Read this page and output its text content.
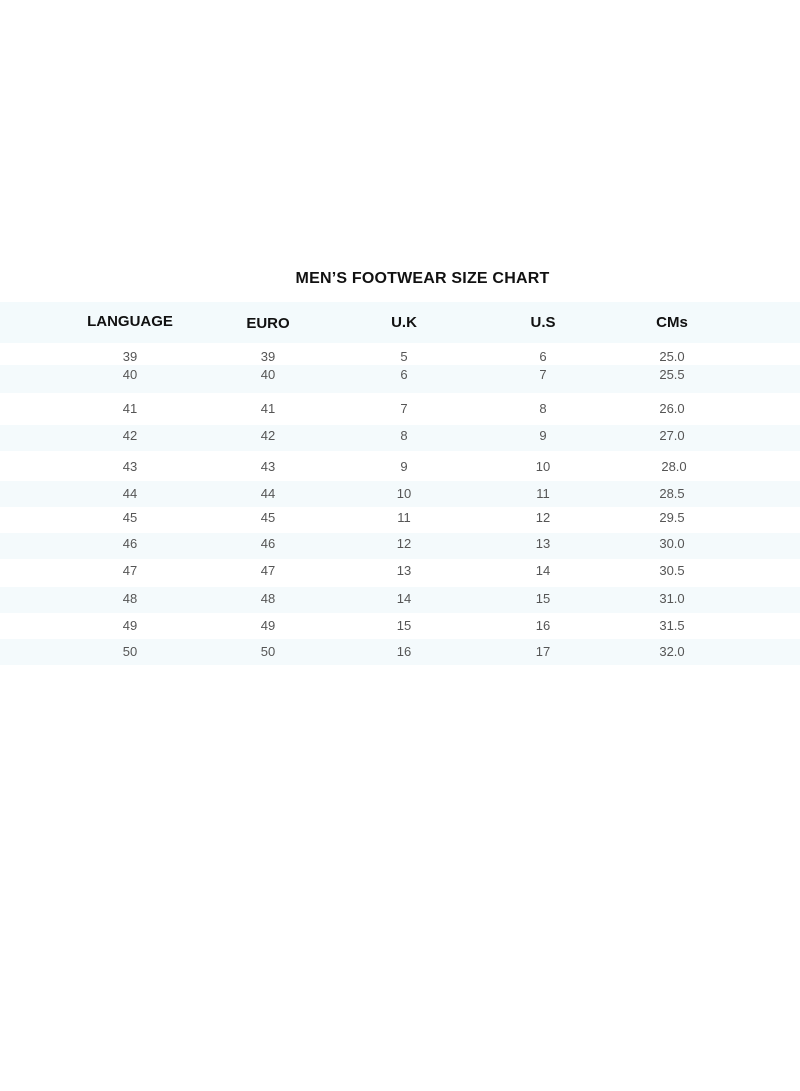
MEN’S FOOTWEAR SIZE CHART
LANGUAGE	EURO	U.K	U.S	CMs
39	39	5	6	25.0
40	40	6	7	25.5
41	41	7	8	26.0
42	42	8	9	27.0
43	43	9	10	28.0
44	44	10	11	28.5
45	45	11	12	29.5
46	46	12	13	30.0
47	47	13	14	30.5
48	48	14	15	31.0
49	49	15	16	31.5
50	50	16	17	32.0
